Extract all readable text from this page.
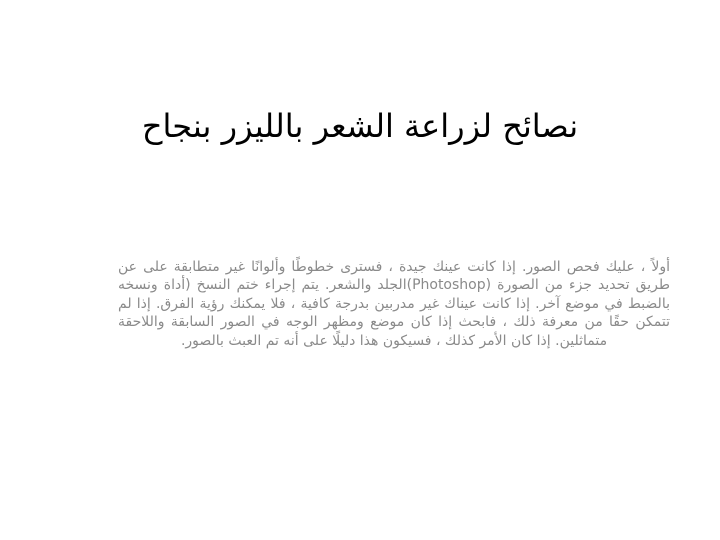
نصائح لزراعة الشعر بالليزر بنجاح

أولاً ، عليك فحص الصور. إذا كانت عينك جيدة ، فسترى خطوطًا وألوانًا غير متطابقة على عن طريق تحديد جزء من الصورة (Photoshop)الجلد والشعر. يتم إجراء ختم النسخ (أداة ونسخه بالضبط في موضع آخر. إذا كانت عيناك غير مدربين بدرجة كافية ، فلا يمكنك رؤية الفرق. إذا لم تتمكن حقًا من معرفة ذلك ، فابحث إذا كان موضع ومظهر الوجه في الصور السابقة واللاحقة متماثلين. إذا كان الأمر كذلك ، فسيكون هذا دليلًا على أنه تم العبث بالصور.
